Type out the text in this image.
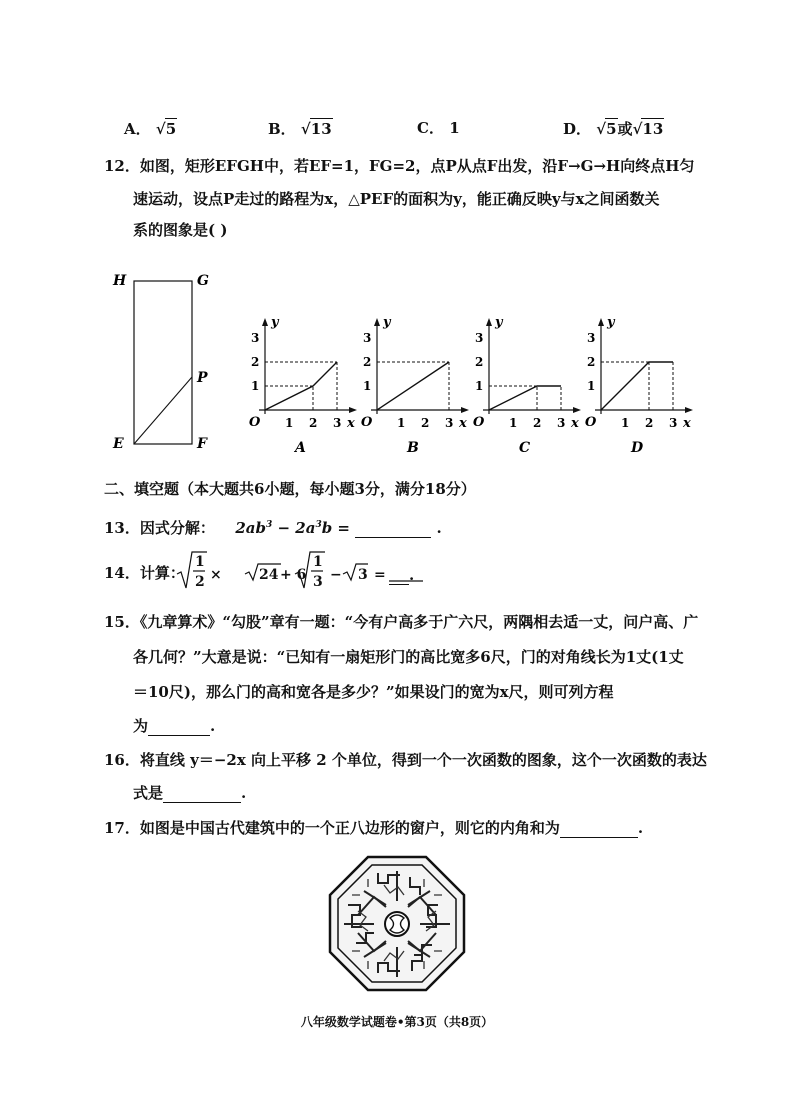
A． √5	B． √13	C． 1	D． √5或√13
12．如图，矩形EFGH中，若EF=1，FG=2，点P从点F出发，沿F→G→H向终点H匀
速运动，设点P走过的路程为x，△PEF的面积为y，能正确反映y与x之间函数关
系的图象是( )
H	G
P
E	F
y
x
O 1 2 3
1
2
3
A
y
x
O 1 2 3
1
2
3
B
y
x
O 1 2 3
1
2
3
C
y
x
O 1 2 3
1
2
3
D
二、填空题（本大题共6小题，每小题3分，满分18分）
13．因式分解： $2ab^3 - 2a^3b$ =	.
14．计算：
1
2 ×	24 + 6
1
3 − 3 =	.
15．《九章算术》“勾股”章有一题：“今有户高多于广六尺，两隅相去适一丈，问户高、广
各几何？”大意是说：“已知有一扇矩形门的高比宽多6尺，门的对角线长为1丈(1丈
＝10尺)，那么门的高和宽各是多少？”如果设门的宽为x尺，则可列方程
为	.
16．将直线 y＝−2x 向上平移 2 个单位，得到一个一次函数的图象，这个一次函数的表达
式是	.
17．如图是中国古代建筑中的一个正八边形的窗户，则它的内角和为	.
八年级数学试题卷•第3页（共8页）
